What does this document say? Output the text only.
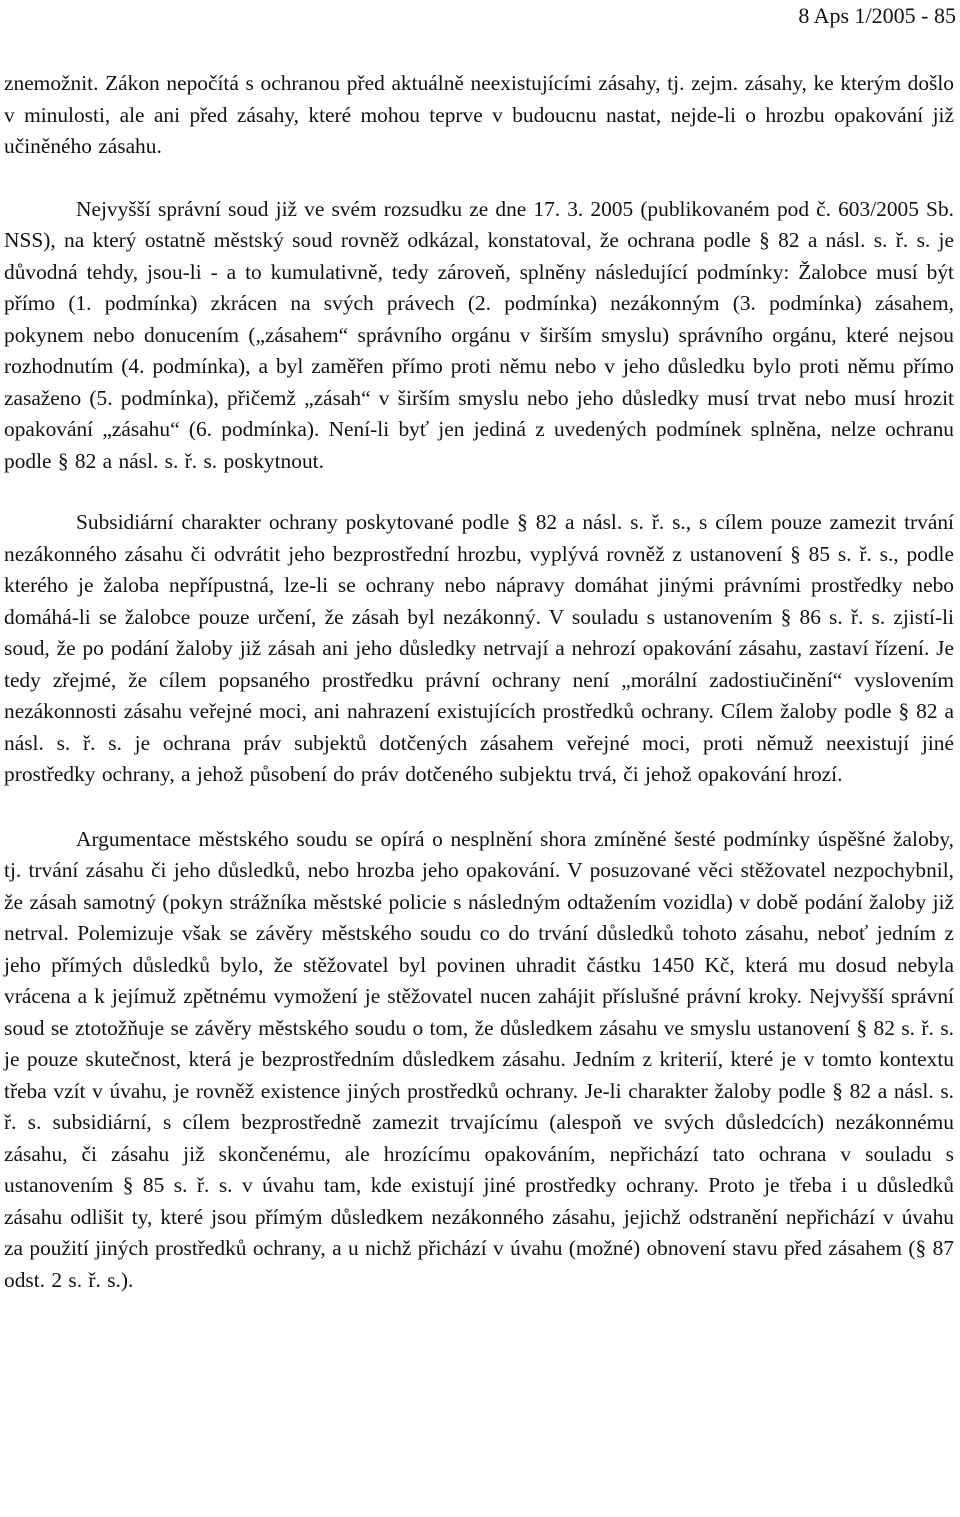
8 Aps 1/2005 - 85

znemožnit. Zákon nepočítá s ochranou před aktuálně neexistujícími zásahy, tj. zejm. zásahy, ke kterým došlo v minulosti, ale ani před zásahy, které mohou teprve v budoucnu nastat, nejde-li o hrozbu opakování již učiněného zásahu.

Nejvyšší správní soud již ve svém rozsudku ze dne 17. 3. 2005 (publikovaném pod č. 603/2005 Sb. NSS), na který ostatně městský soud rovněž odkázal, konstatoval, že ochrana podle § 82 a násl. s. ř. s. je důvodná tehdy, jsou-li - a to kumulativně, tedy zároveň, splněny následující podmínky: Žalobce musí být přímo (1. podmínka) zkrácen na svých právech (2. podmínka) nezákonným (3. podmínka) zásahem, pokynem nebo donucením („zásahem“ správního orgánu v širším smyslu) správního orgánu, které nejsou rozhodnutím (4. podmínka), a byl zaměřen přímo proti němu nebo v jeho důsledku bylo proti němu přímo zasaženo (5. podmínka), přičemž „zásah“ v širším smyslu nebo jeho důsledky musí trvat nebo musí hrozit opakování „zásahu“ (6. podmínka). Není-li byť jen jediná z uvedených podmínek splněna, nelze ochranu podle § 82 a násl. s. ř. s. poskytnout.

Subsidiární charakter ochrany poskytované podle § 82 a násl. s. ř. s., s cílem pouze zamezit trvání nezákonného zásahu či odvrátit jeho bezprostřední hrozbu, vyplývá rovněž z ustanovení § 85 s. ř. s., podle kterého je žaloba nepřípustná, lze-li se ochrany nebo nápravy domáhat jinými právními prostředky nebo domáhá-li se žalobce pouze určení, že zásah byl nezákonný. V souladu s ustanovením § 86 s. ř. s. zjistí-li soud, že po podání žaloby již zásah ani jeho důsledky netrvají a nehrozí opakování zásahu, zastaví řízení. Je tedy zřejmé, že cílem popsaného prostředku právní ochrany není „morální zadostiučinění“ vyslovením nezákonnosti zásahu veřejné moci, ani nahrazení existujících prostředků ochrany. Cílem žaloby podle § 82 a násl. s. ř. s. je ochrana práv subjektů dotčených zásahem veřejné moci, proti němuž neexistují jiné prostředky ochrany, a jehož působení do práv dotčeného subjektu trvá, či jehož opakování hrozí.

Argumentace městského soudu se opírá o nesplnění shora zmíněné šesté podmínky úspěšné žaloby, tj. trvání zásahu či jeho důsledků, nebo hrozba jeho opakování. V posuzované věci stěžovatel nezpochybnil, že zásah samotný (pokyn strážníka městské policie s následným odtažením vozidla) v době podání žaloby již netrval. Polemizuje však se závěry městského soudu co do trvání důsledků tohoto zásahu, neboť jedním z jeho přímých důsledků bylo, že stěžovatel byl povinen uhradit částku 1450 Kč, která mu dosud nebyla vrácena a k jejímuž zpětnému vymožení je stěžovatel nucen zahájit příslušné právní kroky. Nejvyšší správní soud se ztotožňuje se závěry městského soudu o tom, že důsledkem zásahu ve smyslu ustanovení § 82 s. ř. s. je pouze skutečnost, která je bezprostředním důsledkem zásahu. Jedním z kriterií, které je v tomto kontextu třeba vzít v úvahu, je rovněž existence jiných prostředků ochrany. Je-li charakter žaloby podle § 82 a násl. s. ř. s. subsidiární, s cílem bezprostředně zamezit trvajícímu (alespoň ve svých důsledcích) nezákonnému zásahu, či zásahu již skončenému, ale hrozícímu opakováním, nepřichází tato ochrana v souladu s ustanovením § 85 s. ř. s. v úvahu tam, kde existují jiné prostředky ochrany. Proto je třeba i u důsledků zásahu odlišit ty, které jsou přímým důsledkem nezákonného zásahu, jejichž odstranění nepřichází v úvahu za použití jiných prostředků ochrany, a u nichž přichází v úvahu (možné) obnovení stavu před zásahem (§ 87 odst. 2 s. ř. s.).
